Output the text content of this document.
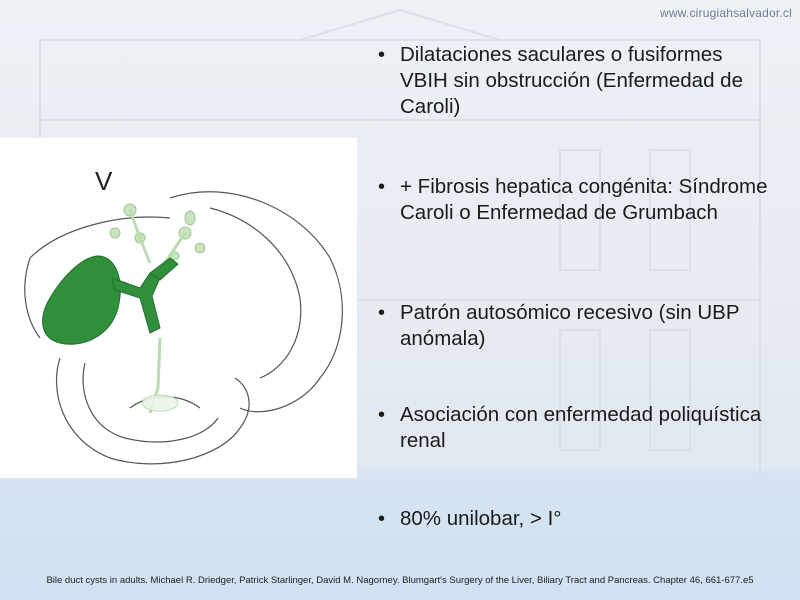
www.cirugiahsalvador.cl
V
• Dilataciones saculares o fusiformes VBIH sin obstrucción (Enfermedad de Caroli)
• + Fibrosis hepatica congénita: Síndrome Caroli o Enfermedad de Grumbach
• Patrón autosómico recesivo (sin UBP anómala)
• Asociación con enfermedad poliquística renal
• 80% unilobar, > I°
Bile duct cysts in adults. Michael R. Driedger, Patrick Starlinger, David M. Nagorney. Blumgart's Surgery of the Liver, Biliary Tract and Pancreas. Chapter 46, 661-677.e5
